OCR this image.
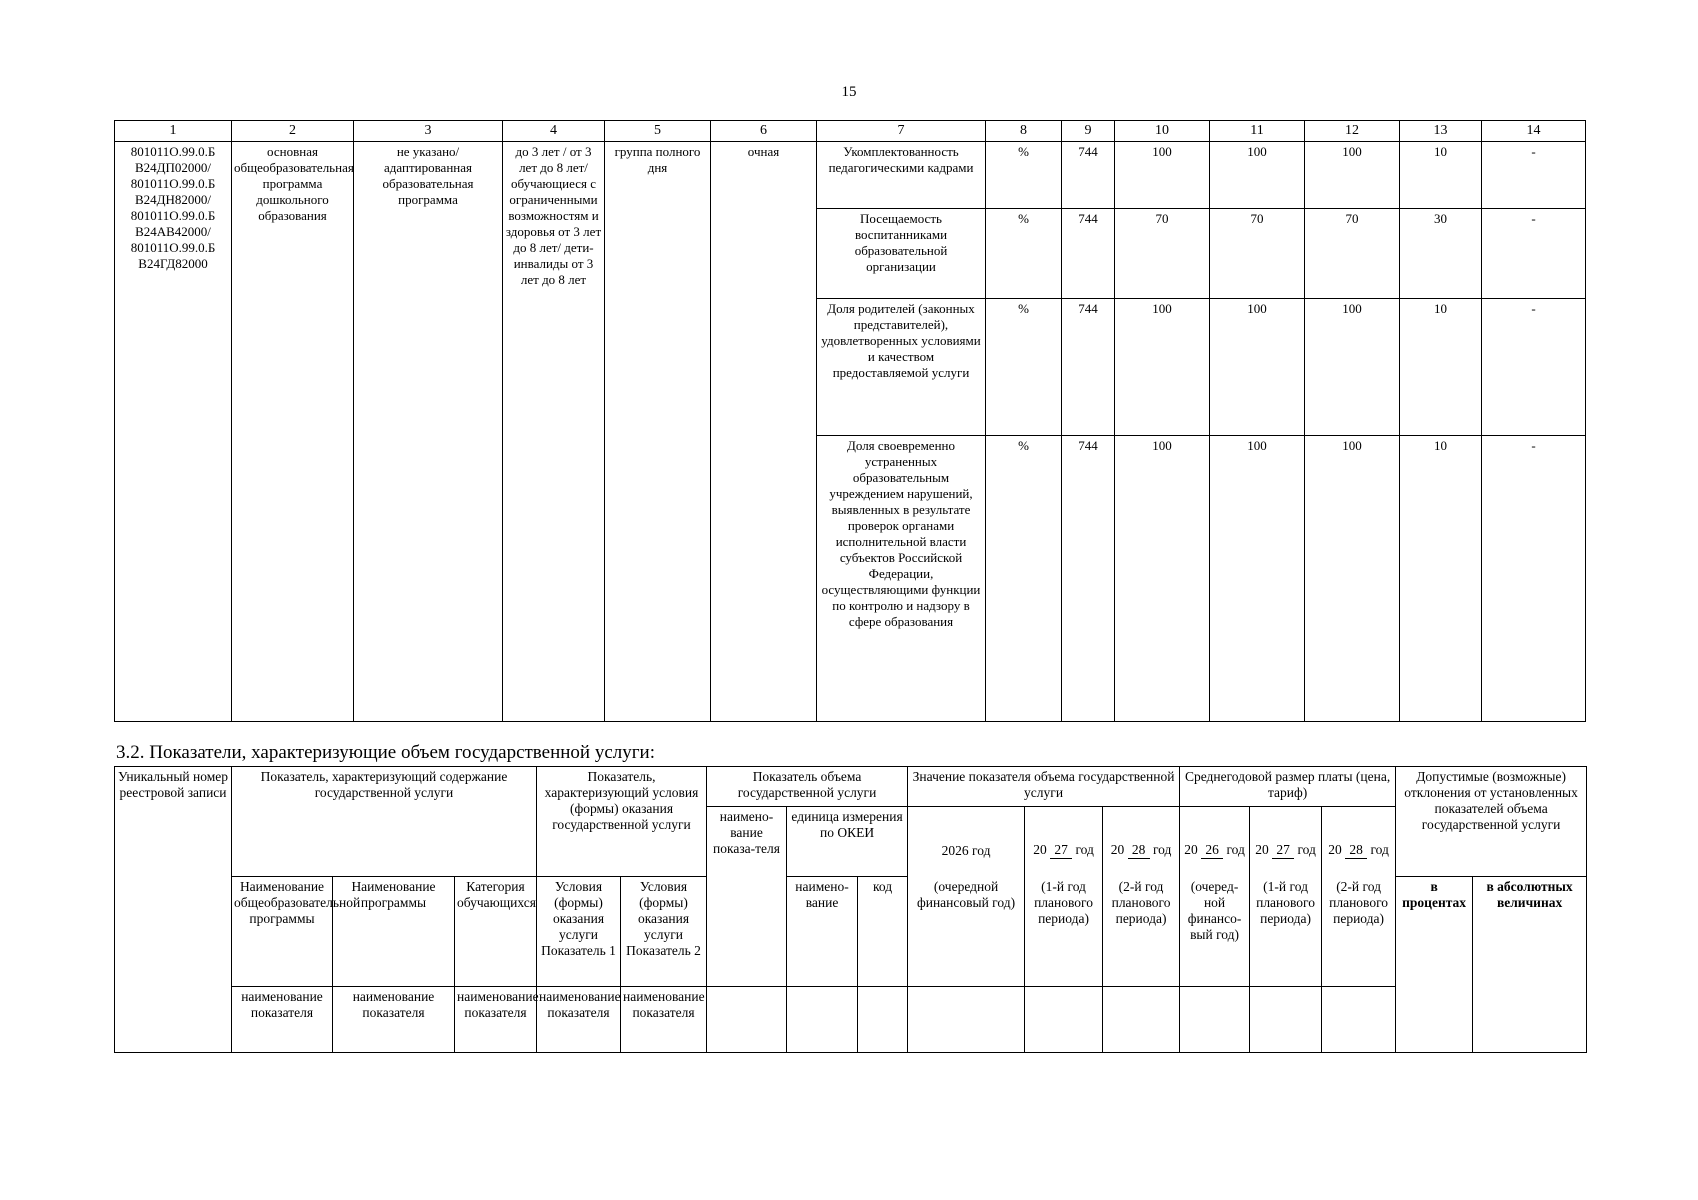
15
1	2	3	4	5	6	7	8	9	10	11	12	13	14
801011О.99.0.Б В24ДП02000/ 801011О.99.0.Б В24ДН82000/ 801011О.99.0.Б В24АВ42000/ 801011О.99.0.Б В24ГД82000	основная общеобразовательная программа дошкольного образования	не указано/ адаптированная образовательная программа	до 3 лет / от 3 лет до 8 лет/ обучающиеся с ограниченными возможностям и здоровья от 3 лет до 8 лет/ дети-инвалиды от 3 лет до 8 лет	группа полного дня	очная	Укомплектованность педагогическими кадрами	%	744	100	100	100	10	-
						Посещаемость воспитанниками образовательной организации	%	744	70	70	70	30	-
						Доля родителей (законных представителей), удовлетворенных условиями и качеством предоставляемой услуги	%	744	100	100	100	10	-
						Доля своевременно устраненных образовательным учреждением нарушений, выявленных в результате проверок органами исполнительной власти субъектов Российской Федерации, осуществляющими функции по контролю и надзору в сфере образования	%	744	100	100	100	10	-
3.2. Показатели, характеризующие объем государственной услуги:
Уникальный номер реестровой записи	Показатель, характеризующий содержание государственной услуги			Показатель, характеризующий условия (формы) оказания государственной услуги		Показатель объема государственной услуги			Значение показателя объема государственной услуги			Среднегодовой размер платы (цена, тариф)			Допустимые (возможные) отклонения от установленных показателей объема государственной услуги	
						наимено-вание показа-теля	единица измерения по ОКЕИ		2026 год	20 27 год	20 28 год	20 26 год	20 27 год	20 28 год		
	Наименование общеобразовательной программы	Наименование программы	Категория обучающихся	Условия (формы) оказания услуги Показатель 1	Условия (формы) оказания услуги Показатель 2		наимено-вание	код	(очередной финансовый год)	(1-й год планового периода)	(2-й год планового периода)	(очеред-ной финансо-вый год)	(1-й год планового периода)	(2-й год планового периода)	в процентах	в абсолютных величинах
	наименование показателя	наименование показателя	наименование показателя	наименование показателя	наименование показателя											
